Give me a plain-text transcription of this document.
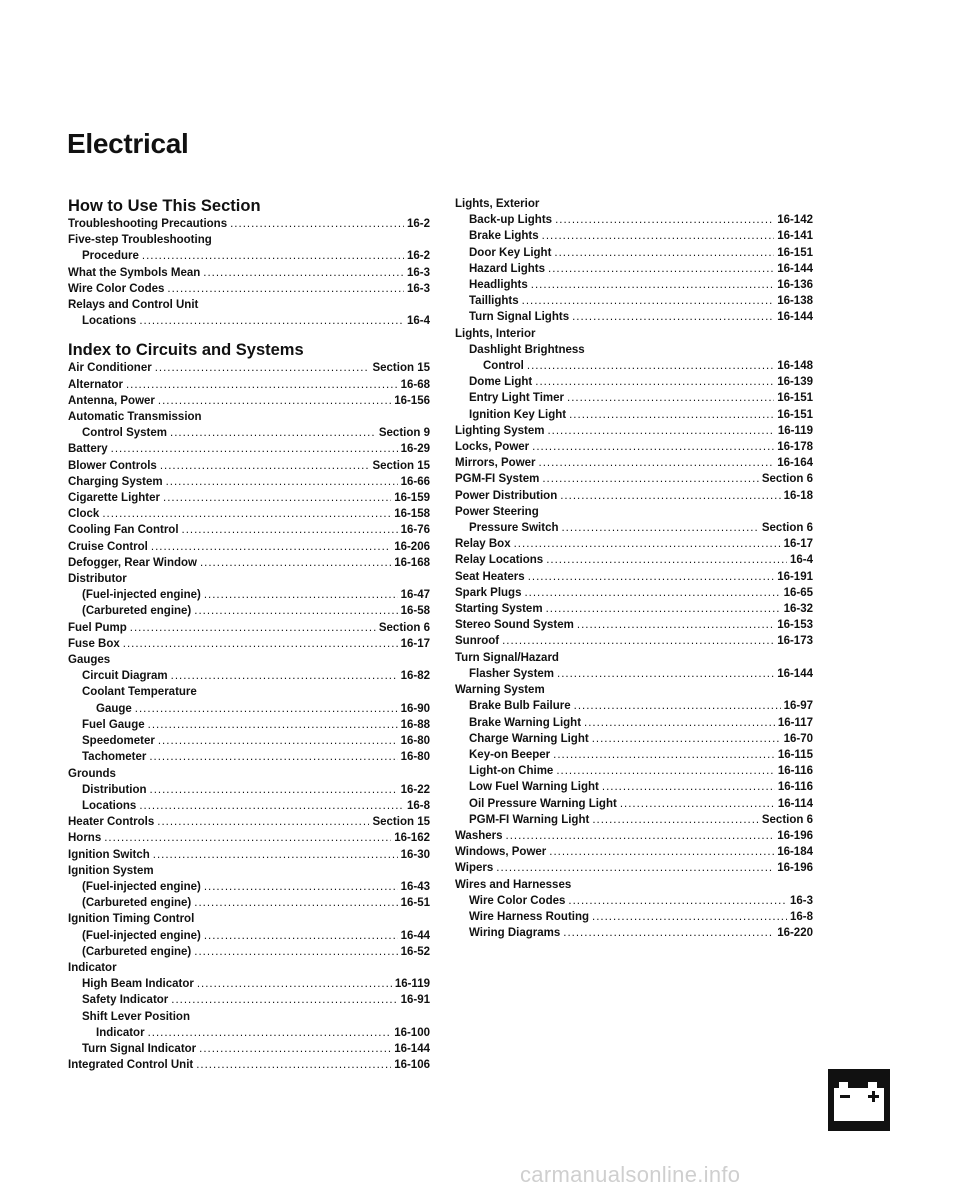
Electrical
How to Use This Section
Troubleshooting Precautions .....	16-2
Five-step Troubleshooting
Procedure .....	16-2
What the Symbols Mean .....	16-3
Wire Color Codes .....	16-3
Relays and Control Unit
Locations .....	16-4
Index to Circuits and Systems
Air Conditioner .....	Section 15
Alternator .....	16-68
Antenna, Power .....	16-156
Automatic Transmission
Control System .....	Section 9
Battery .....	16-29
Blower Controls .....	Section 15
Charging System .....	16-66
Cigarette Lighter .....	16-159
Clock .....	16-158
Cooling Fan Control .....	16-76
Cruise Control .....	16-206
Defogger, Rear Window .....	16-168
Distributor
(Fuel-injected engine) .....	16-47
(Carbureted engine) .....	16-58
Fuel Pump .....	Section 6
Fuse Box .....	16-17
Gauges
Circuit Diagram .....	16-82
Coolant Temperature
Gauge .....	16-90
Fuel Gauge .....	16-88
Speedometer .....	16-80
Tachometer .....	16-80
Grounds
Distribution .....	16-22
Locations .....	16-8
Heater Controls .....	Section 15
Horns .....	16-162
Ignition Switch .....	16-30
Ignition System
(Fuel-injected engine) .....	16-43
(Carbureted engine) .....	16-51
Ignition Timing Control
(Fuel-injected engine) .....	16-44
(Carbureted engine) .....	16-52
Indicator
High Beam Indicator .....	16-119
Safety Indicator .....	16-91
Shift Lever Position
Indicator .....	16-100
Turn Signal Indicator .....	16-144
Integrated Control Unit .....	16-106
Lights, Exterior
Back-up Lights .....	16-142
Brake Lights .....	16-141
Door Key Light .....	16-151
Hazard Lights .....	16-144
Headlights .....	16-136
Taillights .....	16-138
Turn Signal Lights .....	16-144
Lights, Interior
Dashlight Brightness
Control .....	16-148
Dome Light .....	16-139
Entry Light Timer .....	16-151
Ignition Key Light .....	16-151
Lighting System .....	16-119
Locks, Power .....	16-178
Mirrors, Power .....	16-164
PGM-FI System .....	Section 6
Power Distribution .....	16-18
Power Steering
Pressure Switch .....	Section 6
Relay Box .....	16-17
Relay Locations .....	16-4
Seat Heaters .....	16-191
Spark Plugs .....	16-65
Starting System .....	16-32
Stereo Sound System .....	16-153
Sunroof .....	16-173
Turn Signal/Hazard
Flasher System .....	16-144
Warning System
Brake Bulb Failure .....	16-97
Brake Warning Light .....	16-117
Charge Warning Light .....	16-70
Key-on Beeper .....	16-115
Light-on Chime .....	16-116
Low Fuel Warning Light .....	16-116
Oil Pressure Warning Light .....	16-114
PGM-FI Warning Light .....	Section 6
Washers .....	16-196
Windows, Power .....	16-184
Wipers .....	16-196
Wires and Harnesses
Wire Color Codes .....	16-3
Wire Harness Routing .....	16-8
Wiring Diagrams .....	16-220
carmanualsonline.info
